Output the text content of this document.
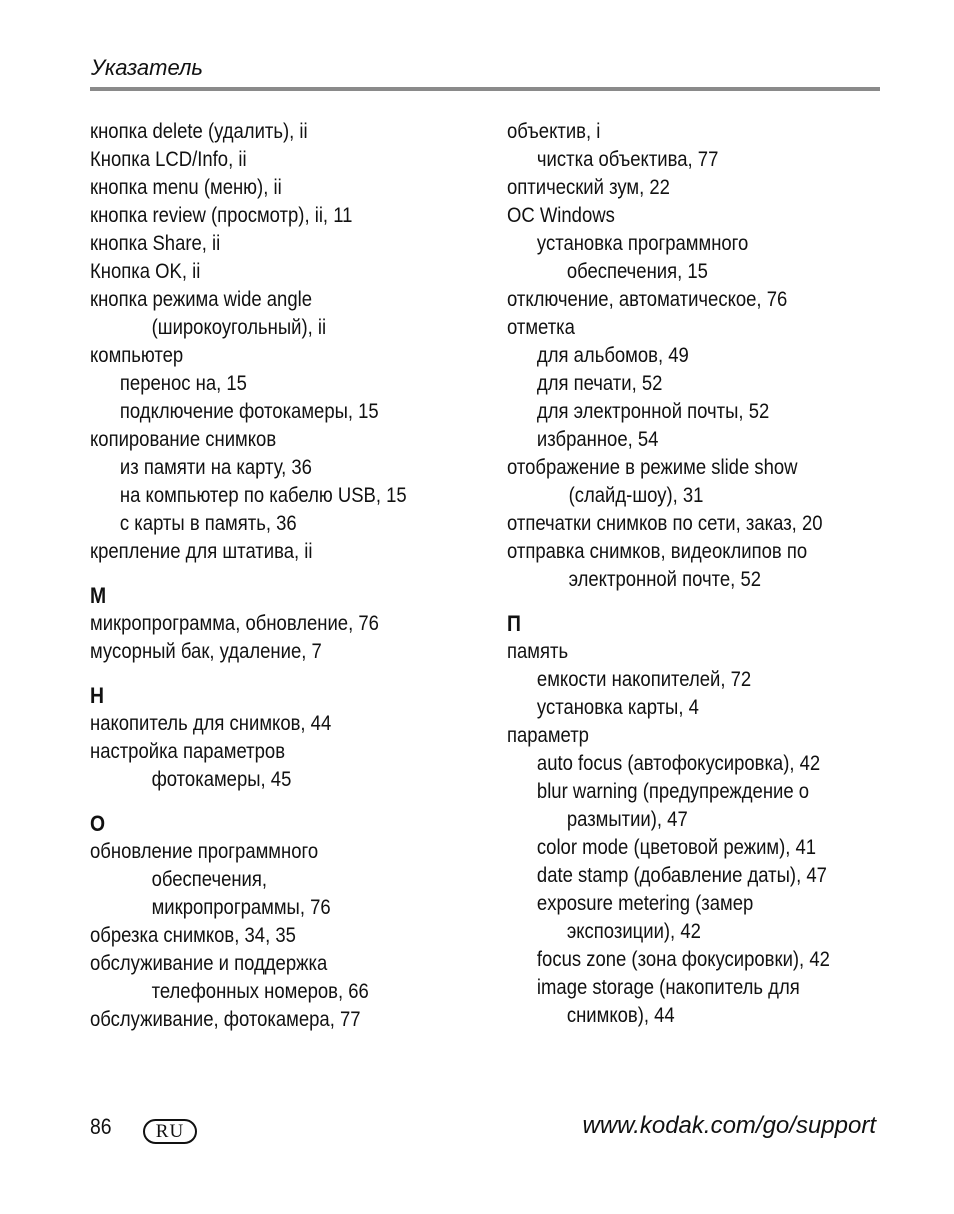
Указатель
кнопка delete (удалить), ii
Кнопка LCD/Info, ii
кнопка menu (меню), ii
кнопка review (просмотр), ii, 11
кнопка Share, ii
Кнопка OK, ii
кнопка режима wide angle
(широкоугольный), ii
компьютер
перенос на, 15
подключение фотокамеры, 15
копирование снимков
из памяти на карту, 36
на компьютер по кабелю USB, 15
с карты в память, 36
крепление для штатива, ii
М
микропрограмма, обновление, 76
мусорный бак, удаление, 7
Н
накопитель для снимков, 44
настройка параметров
фотокамеры, 45
О
обновление программного
обеспечения,
микропрограммы, 76
обрезка снимков, 34, 35
обслуживание и поддержка
телефонных номеров, 66
обслуживание, фотокамера, 77
объектив, i
чистка объектива, 77
оптический зум, 22
ОС Windows
установка программного
обеспечения, 15
отключение, автоматическое, 76
отметка
для альбомов, 49
для печати, 52
для электронной почты, 52
избранное, 54
отображение в режиме slide show
(слайд-шоу), 31
отпечатки снимков по сети, заказ, 20
отправка снимков, видеоклипов по
электронной почте, 52
П
память
емкости накопителей, 72
установка карты, 4
параметр
auto focus (автофокусировка), 42
blur warning (предупреждение о
размытии), 47
color mode (цветовой режим), 41
date stamp (добавление даты), 47
exposure metering (замер
экспозиции), 42
focus zone (зона фокусировки), 42
image storage (накопитель для
снимков), 44
86	RU	www.kodak.com/go/support
